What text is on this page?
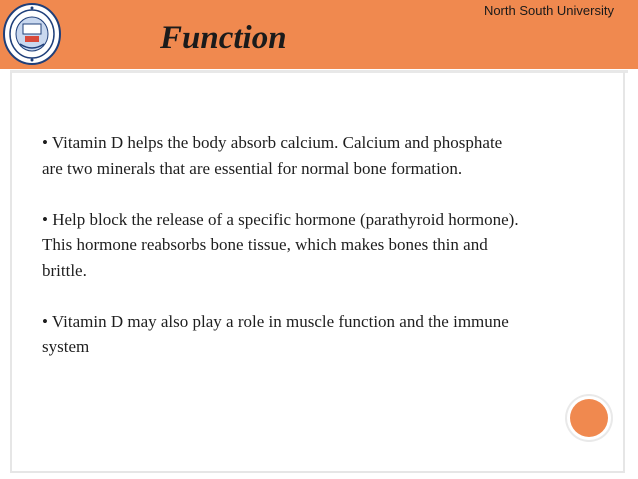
Function
North South University

• Vitamin D helps the body absorb calcium. Calcium and phosphate are two minerals that are essential for normal bone formation.

• Help block the release of a specific hormone (parathyroid hormone). This hormone reabsorbs bone tissue, which makes bones thin and brittle.

• Vitamin D may also play a role in muscle function and the immune system
